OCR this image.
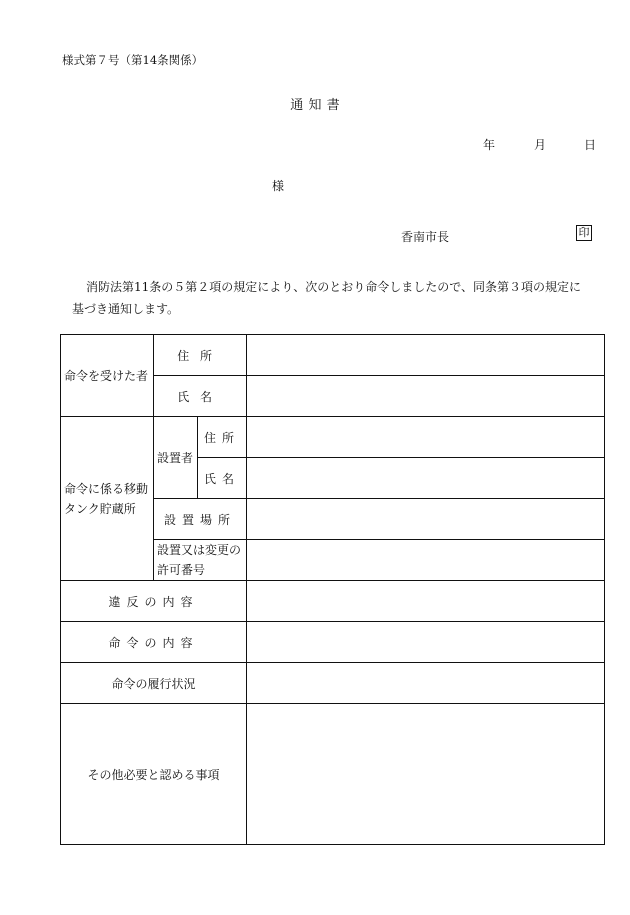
様式第７号（第14条関係）
通知書
年	月	日
様
香南市長	印
消防法第11条の５第２項の規定により、次のとおり命令しましたので、同条第３項の規定に
基づき通知します。
命令を受けた者	住所		
	氏名		
命令に係る移動タンク貯蔵所	設置者	住所	
		氏名	
	設置場所		
	設置又は変更の許可番号		
違反の内容			
命令の内容			
命令の履行状況			
その他必要と認める事項			
